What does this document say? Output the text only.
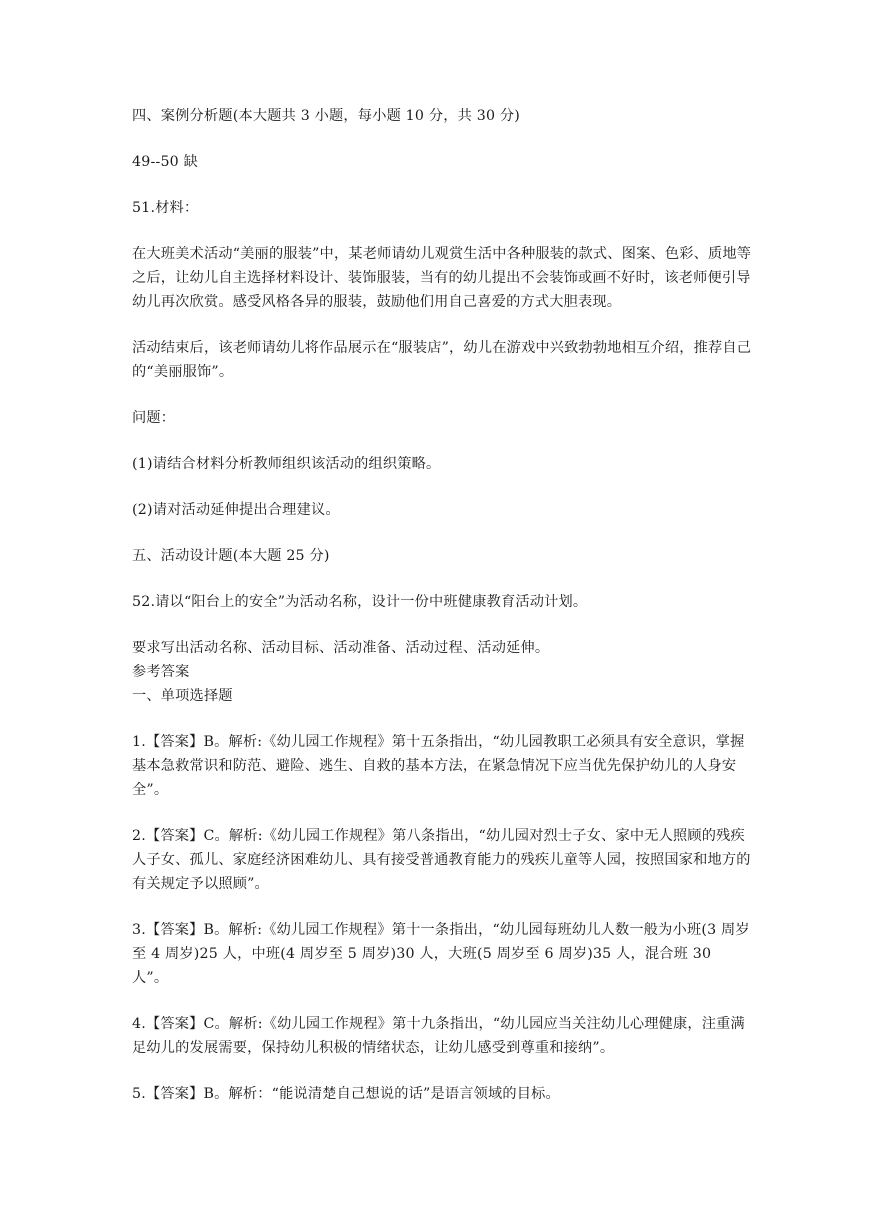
四、案例分析题(本大题共 3 小题，每小题 10 分，共 30 分)

49--50 缺

51.材料：

在大班美术活动“美丽的服装”中，某老师请幼儿观赏生活中各种服装的款式、图案、色彩、质地等之后，让幼儿自主选择材料设计、装饰服装，当有的幼儿提出不会装饰或画不好时，该老师便引导幼儿再次欣赏。感受风格各异的服装，鼓励他们用自己喜爱的方式大胆表现。

活动结束后，该老师请幼儿将作品展示在“服装店”，幼儿在游戏中兴致勃勃地相互介绍，推荐自己的“美丽服饰”。

问题：

(1)请结合材料分析教师组织该活动的组织策略。

(2)请对活动延伸提出合理建议。

五、活动设计题(本大题 25 分)

52.请以“阳台上的安全”为活动名称，设计一份中班健康教育活动计划。

要求写出活动名称、活动目标、活动准备、活动过程、活动延伸。

参考答案

一、单项选择题

1.【答案】B。解析:《幼儿园工作规程》第十五条指出，“幼儿园教职工必须具有安全意识，掌握基本急救常识和防范、避险、逃生、自救的基本方法，在紧急情况下应当优先保护幼儿的人身安全”。

2.【答案】C。解析:《幼儿园工作规程》第八条指出，“幼儿园对烈士子女、家中无人照顾的残疾人子女、孤儿、家庭经济困难幼儿、具有接受普通教育能力的残疾儿童等人园，按照国家和地方的有关规定予以照顾”。

3.【答案】B。解析:《幼儿园工作规程》第十一条指出，“幼儿园每班幼儿人数一般为小班(3 周岁至 4 周岁)25 人，中班(4 周岁至 5 周岁)30 人，大班(5 周岁至 6 周岁)35 人，混合班 30 人”。

4.【答案】C。解析:《幼儿园工作规程》第十九条指出，“幼儿园应当关注幼儿心理健康，注重满足幼儿的发展需要，保持幼儿积极的情绪状态，让幼儿感受到尊重和接纳”。

5.【答案】B。解析：“能说清楚自己想说的话”是语言领域的目标。
